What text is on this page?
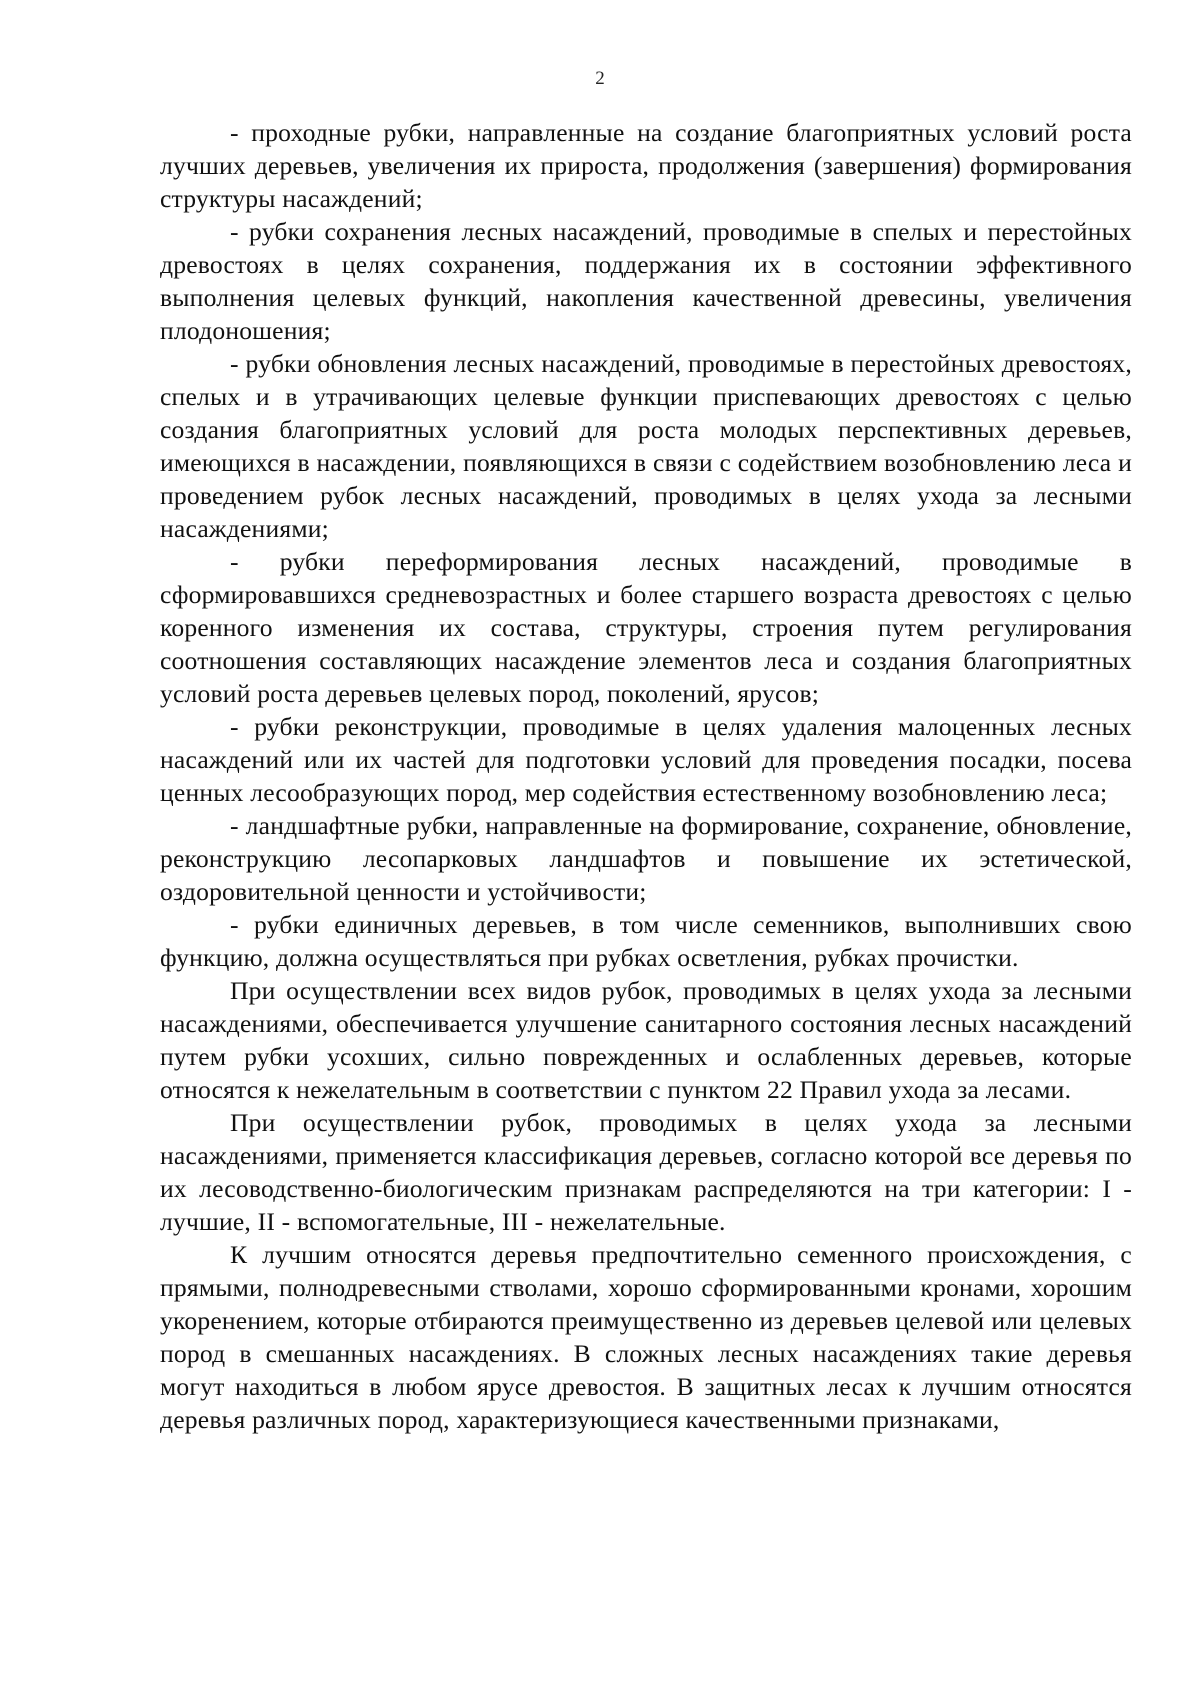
2

- проходные рубки, направленные на создание благоприятных условий роста лучших деревьев, увеличения их прироста, продолжения (завершения) формирования структуры насаждений;

- рубки сохранения лесных насаждений, проводимые в спелых и перестойных древостоях в целях сохранения, поддержания их в состоянии эффективного выполнения целевых функций, накопления качественной древесины, увеличения плодоношения;

- рубки обновления лесных насаждений, проводимые в перестойных древостоях, спелых и в утрачивающих целевые функции приспевающих древостоях с целью создания благоприятных условий для роста молодых перспективных деревьев, имеющихся в насаждении, появляющихся в связи с содействием возобновлению леса и проведением рубок лесных насаждений, проводимых в целях ухода за лесными насаждениями;

- рубки переформирования лесных насаждений, проводимые в сформировавшихся средневозрастных и более старшего возраста древостоях с целью коренного изменения их состава, структуры, строения путем регулирования соотношения составляющих насаждение элементов леса и создания благоприятных условий роста деревьев целевых пород, поколений, ярусов;

- рубки реконструкции, проводимые в целях удаления малоценных лесных насаждений или их частей для подготовки условий для проведения посадки, посева ценных лесообразующих пород, мер содействия естественному возобновлению леса;

- ландшафтные рубки, направленные на формирование, сохранение, обновление, реконструкцию лесопарковых ландшафтов и повышение их эстетической, оздоровительной ценности и устойчивости;

- рубки единичных деревьев, в том числе семенников, выполнивших свою функцию, должна осуществляться при рубках осветления, рубках прочистки.

При осуществлении всех видов рубок, проводимых в целях ухода за лесными насаждениями, обеспечивается улучшение санитарного состояния лесных насаждений путем рубки усохших, сильно поврежденных и ослабленных деревьев, которые относятся к нежелательным в соответствии с пунктом 22 Правил ухода за лесами.

При осуществлении рубок, проводимых в целях ухода за лесными насаждениями, применяется классификация деревьев, согласно которой все деревья по их лесоводственно-биологическим признакам распределяются на три категории: I - лучшие, II - вспомогательные, III - нежелательные.

К лучшим относятся деревья предпочтительно семенного происхождения, с прямыми, полнодревесными стволами, хорошо сформированными кронами, хорошим укоренением, которые отбираются преимущественно из деревьев целевой или целевых пород в смешанных насаждениях. В сложных лесных насаждениях такие деревья могут находиться в любом ярусе древостоя. В защитных лесах к лучшим относятся деревья различных пород, характеризующиеся качественными признаками,
